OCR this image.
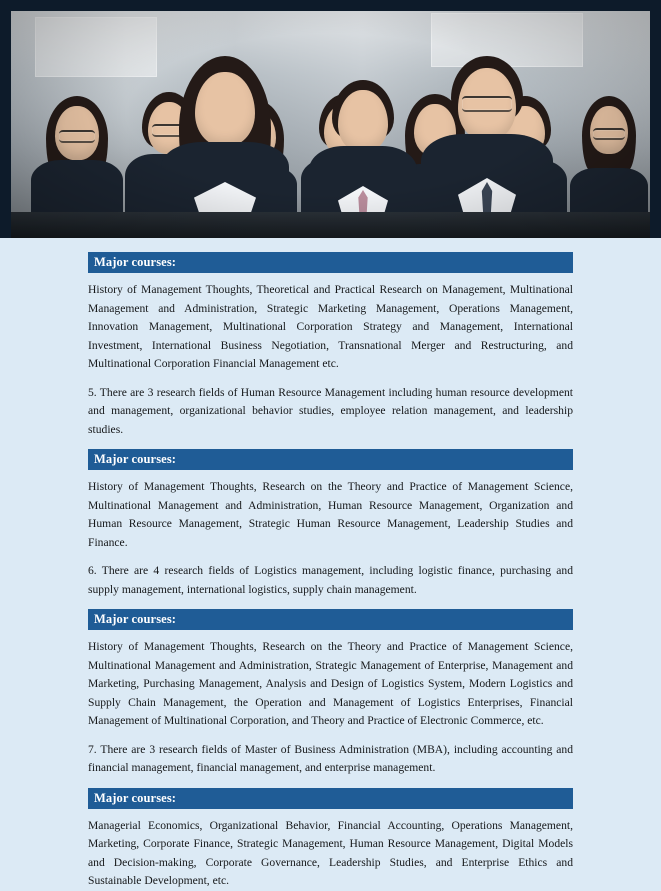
Major courses:

History of Management Thoughts, Theoretical and Practical Research on Management, Multinational Management and Administration, Strategic Marketing Management, Operations Management, Innovation Management, Multinational Corporation Strategy and Management, International Investment, International Business Negotiation, Transnational Merger and Restructuring, and Multinational Corporation Financial Management etc.

5. There are 3 research fields of Human Resource Management including human resource development and management, organizational behavior studies, employee relation management, and leadership studies.

Major courses:

History of Management Thoughts, Research on the Theory and Practice of Management Science, Multinational Management and Administration, Human Resource Management, Organization and Human Resource Management, Strategic Human Resource Management, Leadership Studies and Finance.

6. There are 4 research fields of Logistics management, including logistic finance, purchasing and supply management, international logistics, supply chain management.

Major courses:

History of Management Thoughts, Research on the Theory and Practice of Management Science, Multinational Management and Administration, Strategic Management of Enterprise, Management and Marketing, Purchasing Management, Analysis and Design of Logistics System, Modern Logistics and Supply Chain Management, the Operation and Management of Logistics Enterprises, Financial Management of Multinational Corporation, and Theory and Practice of Electronic Commerce, etc.

7. There are 3 research fields of Master of Business Administration (MBA), including accounting and financial management, financial management, and enterprise management.

Major courses:

Managerial Economics, Organizational Behavior, Financial Accounting, Operations Management, Marketing, Corporate Finance, Strategic Management, Human Resource Management, Digital Models and Decision-making, Corporate Governance, Leadership Studies, and Enterprise Ethics and Sustainable Development, etc.
